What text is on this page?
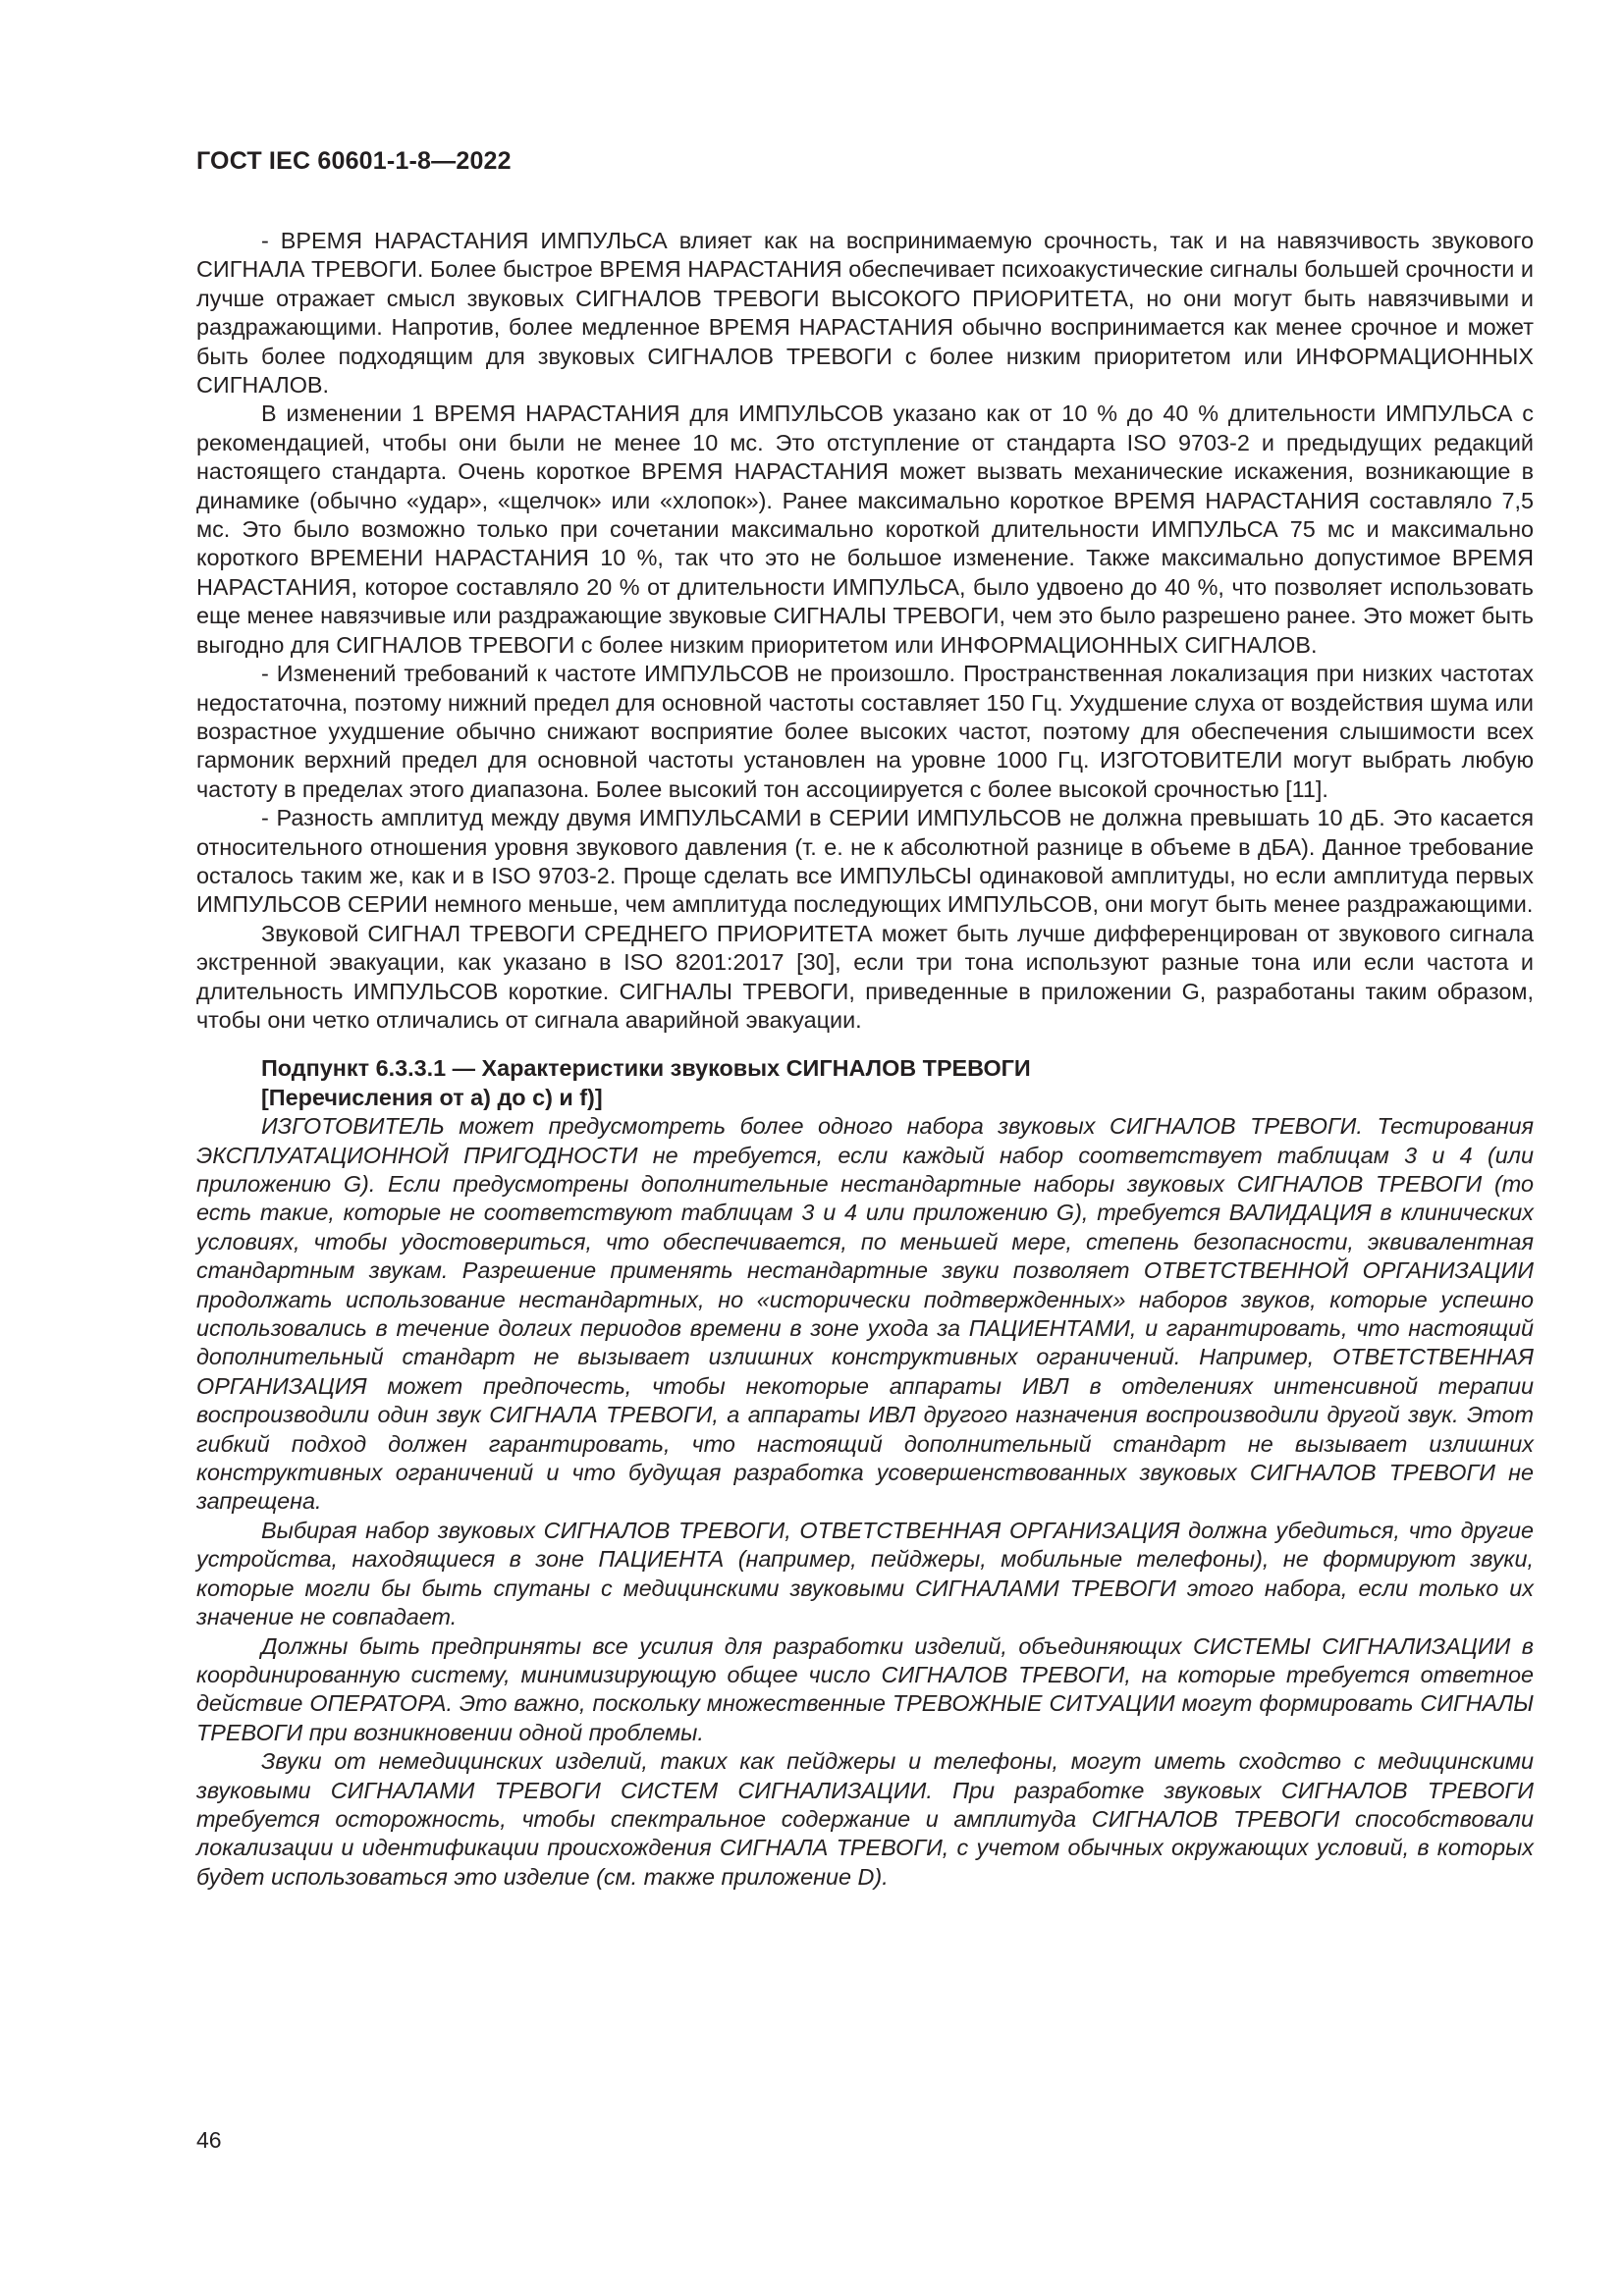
ГОСТ IEC 60601-1-8—2022

- ВРЕМЯ НАРАСТАНИЯ ИМПУЛЬСА влияет как на воспринимаемую срочность, так и на навязчивость звукового СИГНАЛА ТРЕВОГИ. Более быстрое ВРЕМЯ НАРАСТАНИЯ обеспечивает психоакустические сигналы большей срочности и лучше отражает смысл звуковых СИГНАЛОВ ТРЕВОГИ ВЫСОКОГО ПРИОРИТЕТА, но они могут быть навязчивыми и раздражающими. Напротив, более медленное ВРЕМЯ НАРАСТАНИЯ обычно воспринимается как менее срочное и может быть более подходящим для звуковых СИГНАЛОВ ТРЕВОГИ с более низким приоритетом или ИНФОРМАЦИОННЫХ СИГНАЛОВ.

В изменении 1 ВРЕМЯ НАРАСТАНИЯ для ИМПУЛЬСОВ указано как от 10 % до 40 % длительности ИМПУЛЬСА с рекомендацией, чтобы они были не менее 10 мс. Это отступление от стандарта ISO 9703-2 и предыдущих редакций настоящего стандарта. Очень короткое ВРЕМЯ НАРАСТАНИЯ может вызвать механические искажения, возникающие в динамике (обычно «удар», «щелчок» или «хлопок»). Ранее максимально короткое ВРЕМЯ НАРАСТАНИЯ составляло 7,5 мс. Это было возможно только при сочетании максимально короткой длительности ИМПУЛЬСА 75 мс и максимально короткого ВРЕМЕНИ НАРАСТАНИЯ 10 %, так что это не большое изменение. Также максимально допустимое ВРЕМЯ НАРАСТАНИЯ, которое составляло 20 % от длительности ИМПУЛЬСА, было удвоено до 40 %, что позволяет использовать еще менее навязчивые или раздражающие звуковые СИГНАЛЫ ТРЕВОГИ, чем это было разрешено ранее. Это может быть выгодно для СИГНАЛОВ ТРЕВОГИ с более низким приоритетом или ИНФОРМАЦИОННЫХ СИГНАЛОВ.

- Изменений требований к частоте ИМПУЛЬСОВ не произошло. Пространственная локализация при низких частотах недостаточна, поэтому нижний предел для основной частоты составляет 150 Гц. Ухудшение слуха от воздействия шума или возрастное ухудшение обычно снижают восприятие более высоких частот, поэтому для обеспечения слышимости всех гармоник верхний предел для основной частоты установлен на уровне 1000 Гц. ИЗГОТОВИТЕЛИ могут выбрать любую частоту в пределах этого диапазона. Более высокий тон ассоциируется с более высокой срочностью [11].

- Разность амплитуд между двумя ИМПУЛЬСАМИ в СЕРИИ ИМПУЛЬСОВ не должна превышать 10 дБ. Это касается относительного отношения уровня звукового давления (т. е. не к абсолютной разнице в объеме в дБА). Данное требование осталось таким же, как и в ISO 9703-2. Проще сделать все ИМПУЛЬСЫ одинаковой амплитуды, но если амплитуда первых ИМПУЛЬСОВ СЕРИИ немного меньше, чем амплитуда последующих ИМПУЛЬСОВ, они могут быть менее раздражающими.

Звуковой СИГНАЛ ТРЕВОГИ СРЕДНЕГО ПРИОРИТЕТА может быть лучше дифференцирован от звукового сигнала экстренной эвакуации, как указано в ISO 8201:2017 [30], если три тона используют разные тона или если частота и длительность ИМПУЛЬСОВ короткие. СИГНАЛЫ ТРЕВОГИ, приведенные в приложении G, разработаны таким образом, чтобы они четко отличались от сигнала аварийной эвакуации.

Подпункт 6.3.3.1 — Характеристики звуковых СИГНАЛОВ ТРЕВОГИ
[Перечисления от a) до c) и f)]

ИЗГОТОВИТЕЛЬ может предусмотреть более одного набора звуковых СИГНАЛОВ ТРЕВОГИ. Тестирования ЭКСПЛУАТАЦИОННОЙ ПРИГОДНОСТИ не требуется, если каждый набор соответствует таблицам 3 и 4 (или приложению G). Если предусмотрены дополнительные нестандартные наборы звуковых СИГНАЛОВ ТРЕВОГИ (то есть такие, которые не соответствуют таблицам 3 и 4 или приложению G), требуется ВАЛИДАЦИЯ в клинических условиях, чтобы удостовериться, что обеспечивается, по меньшей мере, степень безопасности, эквивалентная стандартным звукам. Разрешение применять нестандартные звуки позволяет ОТВЕТСТВЕННОЙ ОРГАНИЗАЦИИ продолжать использование нестандартных, но «исторически подтвержденных» наборов звуков, которые успешно использовались в течение долгих периодов времени в зоне ухода за ПАЦИЕНТАМИ, и гарантировать, что настоящий дополнительный стандарт не вызывает излишних конструктивных ограничений. Например, ОТВЕТСТВЕННАЯ ОРГАНИЗАЦИЯ может предпочесть, чтобы некоторые аппараты ИВЛ в отделениях интенсивной терапии воспроизводили один звук СИГНАЛА ТРЕВОГИ, а аппараты ИВЛ другого назначения воспроизводили другой звук. Этот гибкий подход должен гарантировать, что настоящий дополнительный стандарт не вызывает излишних конструктивных ограничений и что будущая разработка усовершенствованных звуковых СИГНАЛОВ ТРЕВОГИ не запрещена.

Выбирая набор звуковых СИГНАЛОВ ТРЕВОГИ, ОТВЕТСТВЕННАЯ ОРГАНИЗАЦИЯ должна убедиться, что другие устройства, находящиеся в зоне ПАЦИЕНТА (например, пейджеры, мобильные телефоны), не формируют звуки, которые могли бы быть спутаны с медицинскими звуковыми СИГНАЛАМИ ТРЕВОГИ этого набора, если только их значение не совпадает.

Должны быть предприняты все усилия для разработки изделий, объединяющих СИСТЕМЫ СИГНАЛИЗАЦИИ в координированную систему, минимизирующую общее число СИГНАЛОВ ТРЕВОГИ, на которые требуется ответное действие ОПЕРАТОРА. Это важно, поскольку множественные ТРЕВОЖНЫЕ СИТУАЦИИ могут формировать СИГНАЛЫ ТРЕВОГИ при возникновении одной проблемы.

Звуки от немедицинских изделий, таких как пейджеры и телефоны, могут иметь сходство с медицинскими звуковыми СИГНАЛАМИ ТРЕВОГИ СИСТЕМ СИГНАЛИЗАЦИИ. При разработке звуковых СИГНАЛОВ ТРЕВОГИ требуется осторожность, чтобы спектральное содержание и амплитуда СИГНАЛОВ ТРЕВОГИ способствовали локализации и идентификации происхождения СИГНАЛА ТРЕВОГИ, с учетом обычных окружающих условий, в которых будет использоваться это изделие (см. также приложение D).

46
